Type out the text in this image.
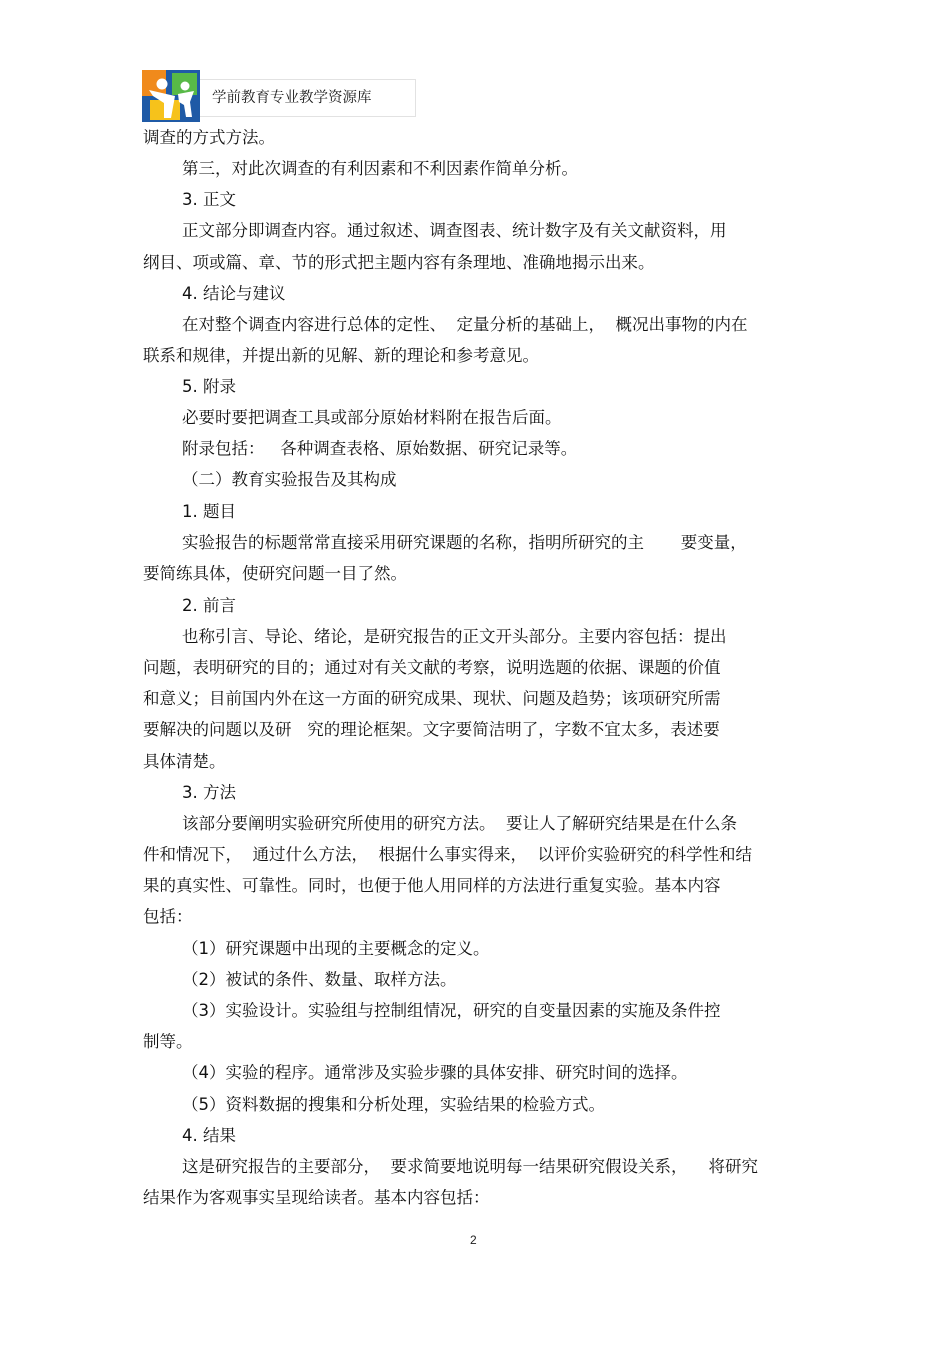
学前教育专业教学资源库
调查的方式方法。
第三，对此次调查的有利因素和不利因素作简单分析。
3. 正文
正文部分即调查内容。通过叙述、调查图表、统计数字及有关文献资料，用
纲目、项或篇、章、节的形式把主题内容有条理地、准确地揭示出来。
4. 结论与建议
在对整个调查内容进行总体的定性、  定量分析的基础上，  概况出事物的内在
联系和规律，并提出新的见解、新的理论和参考意见。
5. 附录
必要时要把调查工具或部分原始材料附在报告后面。
附录包括：   各种调查表格、原始数据、研究记录等。
（二）教育实验报告及其构成
1. 题目
实验报告的标题常常直接采用研究课题的名称，指明所研究的主       要变量，
要简练具体，使研究问题一目了然。
2. 前言
也称引言、导论、绪论，是研究报告的正文开头部分。主要内容包括：提出
问题，表明研究的目的；通过对有关文献的考察，说明选题的依据、课题的价值
和意义；目前国内外在这一方面的研究成果、现状、问题及趋势；该项研究所需
要解决的问题以及研   究的理论框架。文字要简洁明了，字数不宜太多，表述要
具体清楚。
3. 方法
该部分要阐明实验研究所使用的研究方法。  要让人了解研究结果是在什么条
件和情况下，  通过什么方法，  根据什么事实得来，  以评价实验研究的科学性和结
果的真实性、可靠性。同时，也便于他人用同样的方法进行重复实验。基本内容
包括：
（1）研究课题中出现的主要概念的定义。
（2）被试的条件、数量、取样方法。
（3）实验设计。实验组与控制组情况，研究的自变量因素的实施及条件控
制等。
（4）实验的程序。通常涉及实验步骤的具体安排、研究时间的选择。
（5）资料数据的搜集和分析处理，实验结果的检验方式。
4. 结果
这是研究报告的主要部分，  要求简要地说明每一结果研究假设关系，    将研究
结果作为客观事实呈现给读者。基本内容包括：
2
